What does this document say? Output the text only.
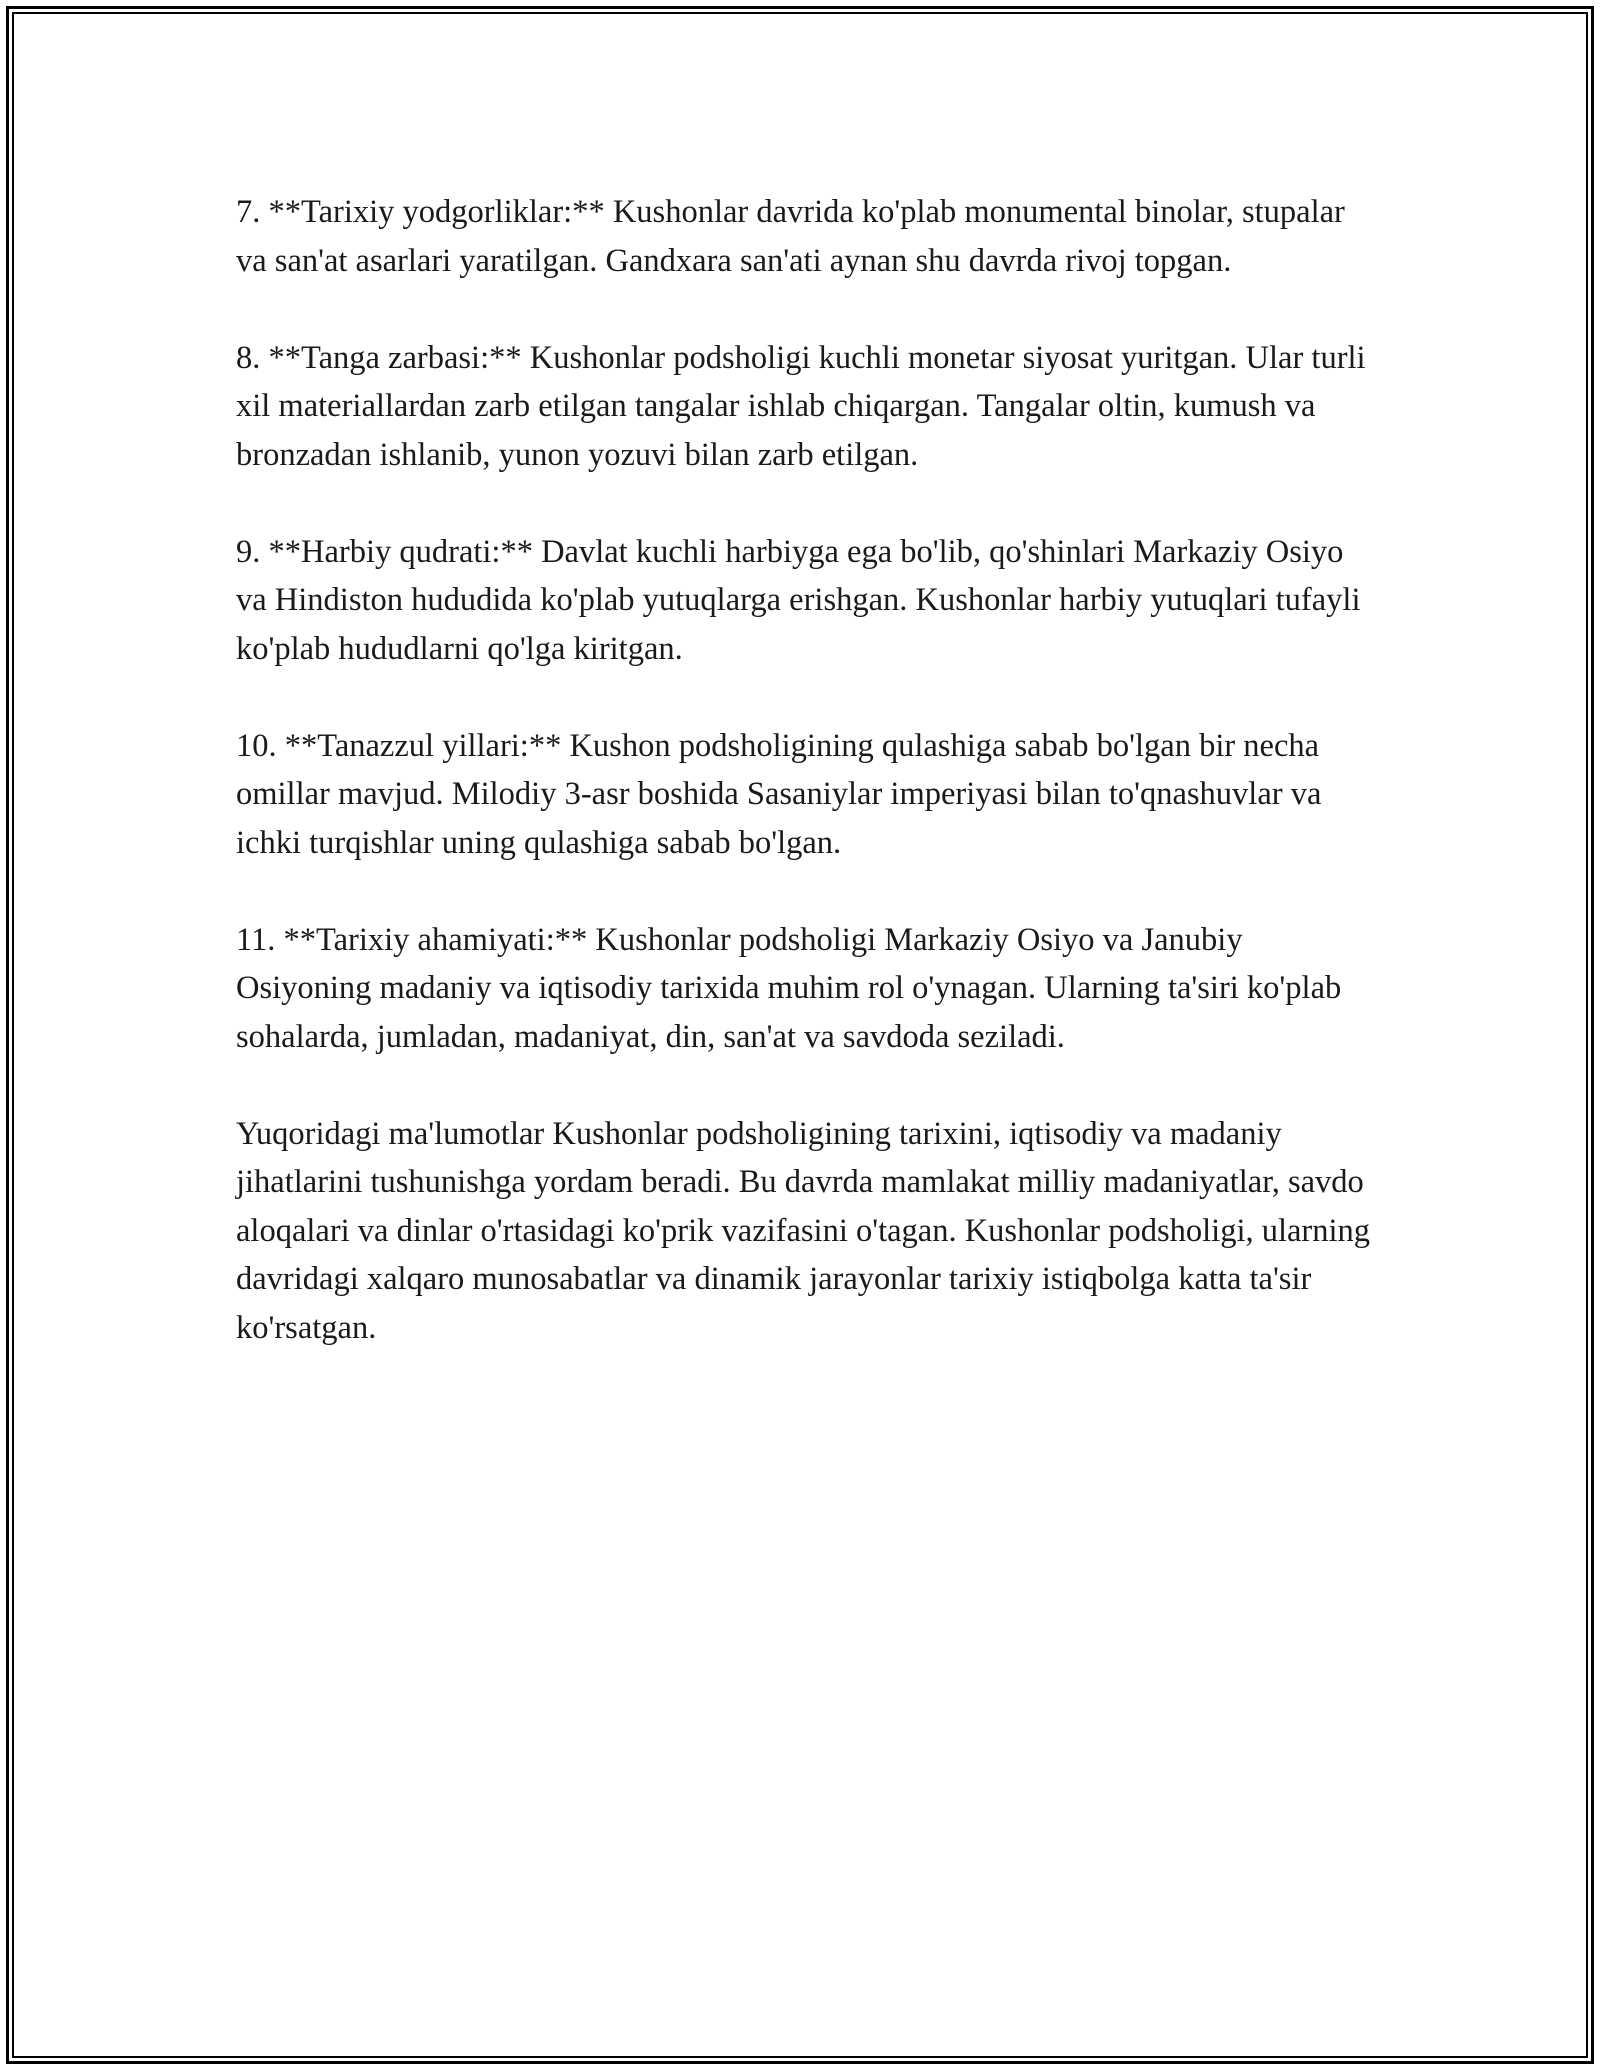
7. **Tarixiy yodgorliklar:** Kushonlar davrida ko'plab monumental binolar, stupalar va san'at asarlari yaratilgan. Gandxara san'ati aynan shu davrda rivoj topgan.

8. **Tanga zarbasi:** Kushonlar podsholigi kuchli monetar siyosat yuritgan. Ular turli xil materiallardan zarb etilgan tangalar ishlab chiqargan. Tangalar oltin, kumush va bronzadan ishlanib, yunon yozuvi bilan zarb etilgan.

9. **Harbiy qudrati:** Davlat kuchli harbiyga ega bo'lib, qo'shinlari Markaziy Osiyo va Hindiston hududida ko'plab yutuqlarga erishgan. Kushonlar harbiy yutuqlari tufayli ko'plab hududlarni qo'lga kiritgan.

10. **Tanazzul yillari:** Kushon podsholigining qulashiga sabab bo'lgan bir necha omillar mavjud. Milodiy 3-asr boshida Sasaniylar imperiyasi bilan to'qnashuvlar va ichki turqishlar uning qulashiga sabab bo'lgan.

11. **Tarixiy ahamiyati:** Kushonlar podsholigi Markaziy Osiyo va Janubiy Osiyoning madaniy va iqtisodiy tarixida muhim rol o'ynagan. Ularning ta'siri ko'plab sohalarda, jumladan, madaniyat, din, san'at va savdoda seziladi.

Yuqoridagi ma'lumotlar Kushonlar podsholigining tarixini, iqtisodiy va madaniy jihatlarini tushunishga yordam beradi. Bu davrda mamlakat milliy madaniyatlar, savdo aloqalari va dinlar o'rtasidagi ko'prik vazifasini o'tagan. Kushonlar podsholigi, ularning davridagi xalqaro munosabatlar va dinamik jarayonlar tarixiy istiqbolga katta ta'sir ko'rsatgan.
